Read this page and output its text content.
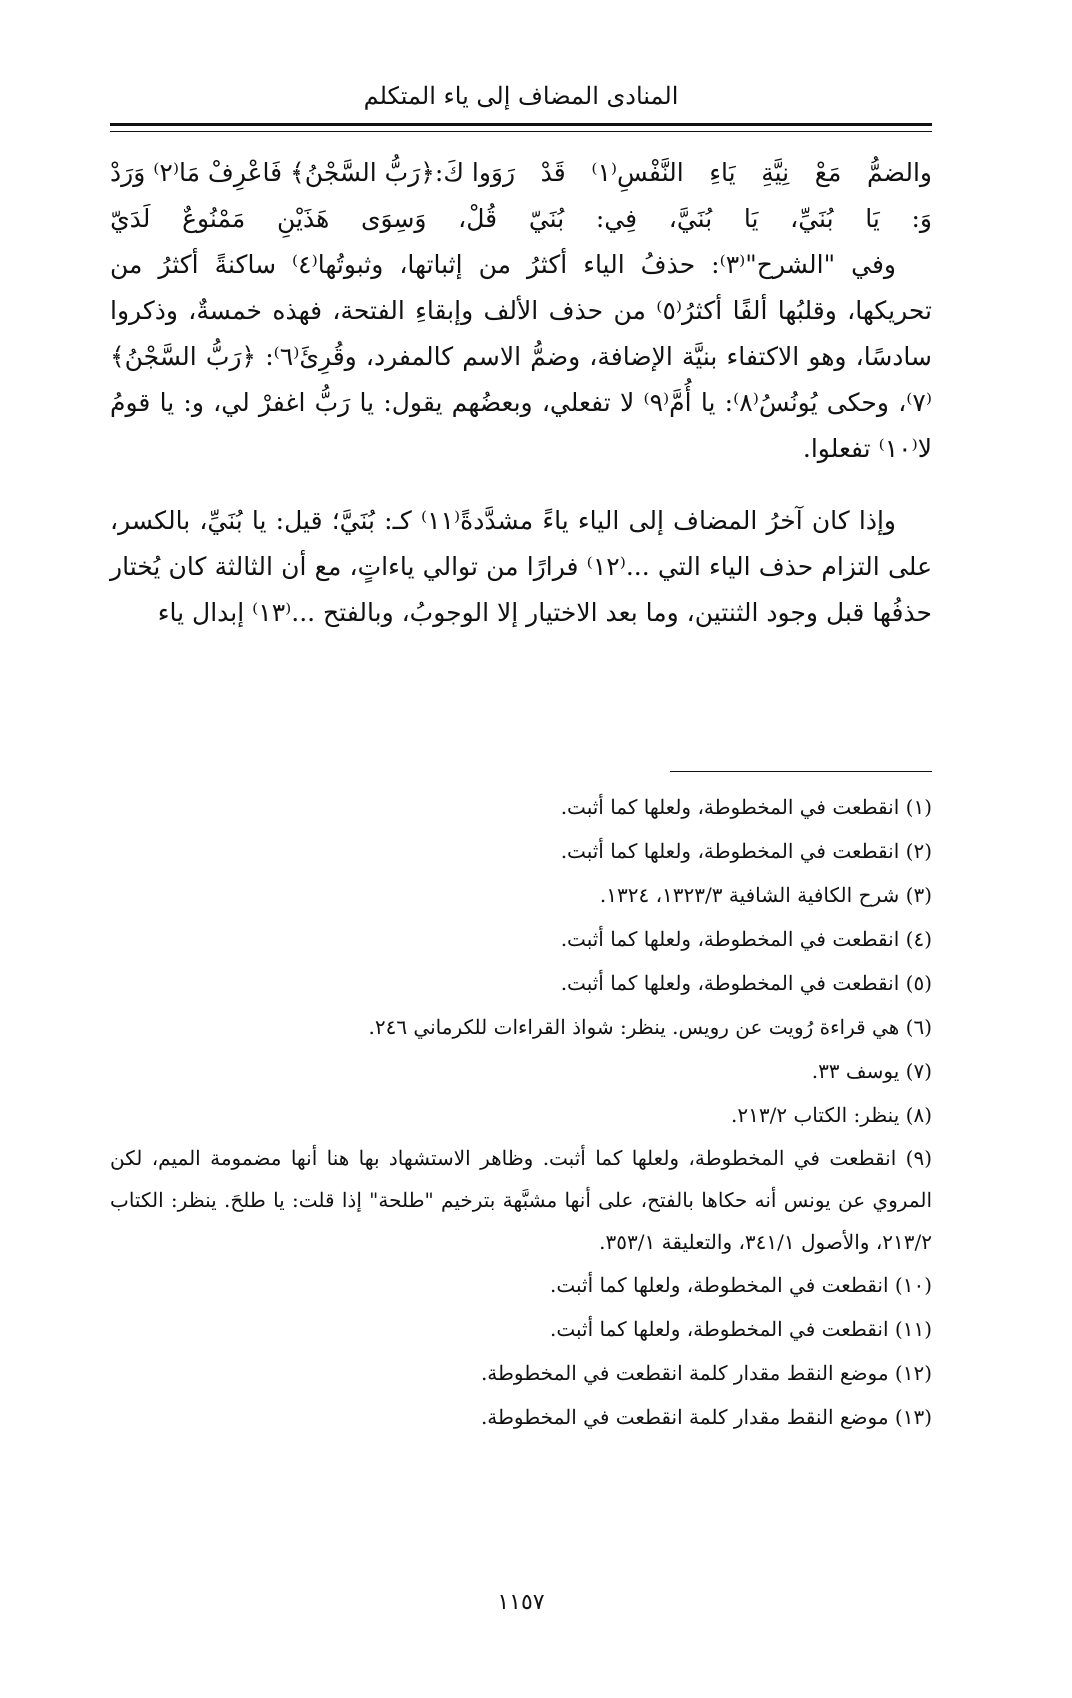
المنادى المضاف إلى ياء المتكلم
والضمُّ
مَعْ
نِيَّةِ
يَاءِ
النَّفْسِ⁽١⁾
قَدْ
رَوَوا كَ:﴿رَبُّ السَّجْنُ﴾ فَاعْرِفْ مَا⁽٢⁾ وَرَدْ
وَ:
يَا
بُنَيِّ،
يَا
بُنَيَّ،
فِي:
بُنَيّ
قُلْ،
وَسِوَى
هَذَيْنِ
مَمْنُوعٌ
لَدَيّ

وفي "الشرح"⁽٣⁾: حذفُ الياء أكثرُ من إثباتها، وثبوتُها⁽٤⁾ ساكنةً أكثرُ من تحريكها، وقلبُها ألفًا أكثرُ⁽٥⁾ من حذف الألف وإبقاءِ الفتحة، فهذه خمسةٌ، وذكروا سادسًا، وهو الاكتفاء بنيَّة الإضافة، وضمُّ الاسم كالمفرد، وقُرِئَ⁽٦⁾: ﴿رَبُّ السَّجْنُ﴾⁽٧⁾، وحكى يُونُسُ⁽٨⁾: يا أُمَّ⁽٩⁾ لا تفعلي، وبعضُهم يقول: يا رَبُّ اغفرْ لي، و: يا قومُ لا⁽١٠⁾ تفعلوا.

وإذا كان آخرُ المضاف إلى الياء ياءً مشدَّدةً⁽١١⁾ كـ: بُنَيَّ؛ قيل: يا بُنَيِّ، بالكسر، على التزام حذف الياء التي ...⁽١٢⁾ فرارًا من توالي ياءاتٍ، مع أن الثالثة كان يُختار حذفُها قبل وجود الثنتين، وما بعد الاختيار إلا الوجوبُ، وبالفتح ...⁽١٣⁾ إبدال ياء

(١) انقطعت في المخطوطة، ولعلها كما أثبت.
(٢) انقطعت في المخطوطة، ولعلها كما أثبت.
(٣) شرح الكافية الشافية ١٣٢٣/٣، ١٣٢٤.
(٤) انقطعت في المخطوطة، ولعلها كما أثبت.
(٥) انقطعت في المخطوطة، ولعلها كما أثبت.
(٦) هي قراءة رُويت عن رويس. ينظر: شواذ القراءات للكرماني ٢٤٦.
(٧) يوسف ٣٣.
(٨) ينظر: الكتاب ٢١٣/٢.
(٩) انقطعت في المخطوطة، ولعلها كما أثبت. وظاهر الاستشهاد بها هنا أنها مضمومة الميم، لكن المروي عن يونس أنه حكاها بالفتح، على أنها مشبَّهة بترخيم "طلحة" إذا قلت: يا طلحَ. ينظر: الكتاب ٢١٣/٢، والأصول ٣٤١/١، والتعليقة ٣٥٣/١.
(١٠) انقطعت في المخطوطة، ولعلها كما أثبت.
(١١) انقطعت في المخطوطة، ولعلها كما أثبت.
(١٢) موضع النقط مقدار كلمة انقطعت في المخطوطة.
(١٣) موضع النقط مقدار كلمة انقطعت في المخطوطة.
١١٥٧
